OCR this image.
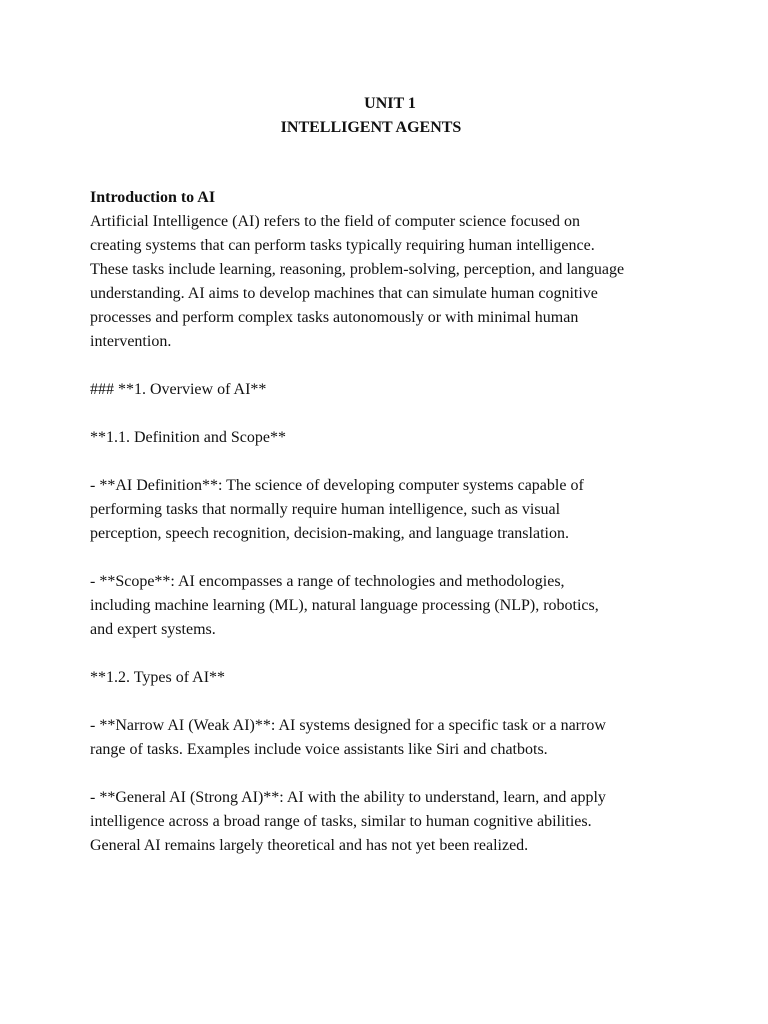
UNIT 1
INTELLIGENT AGENTS

Introduction to AI

Artificial Intelligence (AI) refers to the field of computer science focused on

creating systems that can perform tasks typically requiring human intelligence.

These tasks include learning, reasoning, problem-solving, perception, and language

understanding. AI aims to develop machines that can simulate human cognitive

processes and perform complex tasks autonomously or with minimal human

intervention.

### **1. Overview of AI**

**1.1. Definition and Scope**

- **AI Definition**: The science of developing computer systems capable of

performing tasks that normally require human intelligence, such as visual

perception, speech recognition, decision-making, and language translation.

- **Scope**: AI encompasses a range of technologies and methodologies,

including machine learning (ML), natural language processing (NLP), robotics,

and expert systems.

**1.2. Types of AI**

- **Narrow AI (Weak AI)**: AI systems designed for a specific task or a narrow

range of tasks. Examples include voice assistants like Siri and chatbots.

- **General AI (Strong AI)**: AI with the ability to understand, learn, and apply

intelligence across a broad range of tasks, similar to human cognitive abilities.

General AI remains largely theoretical and has not yet been realized.
